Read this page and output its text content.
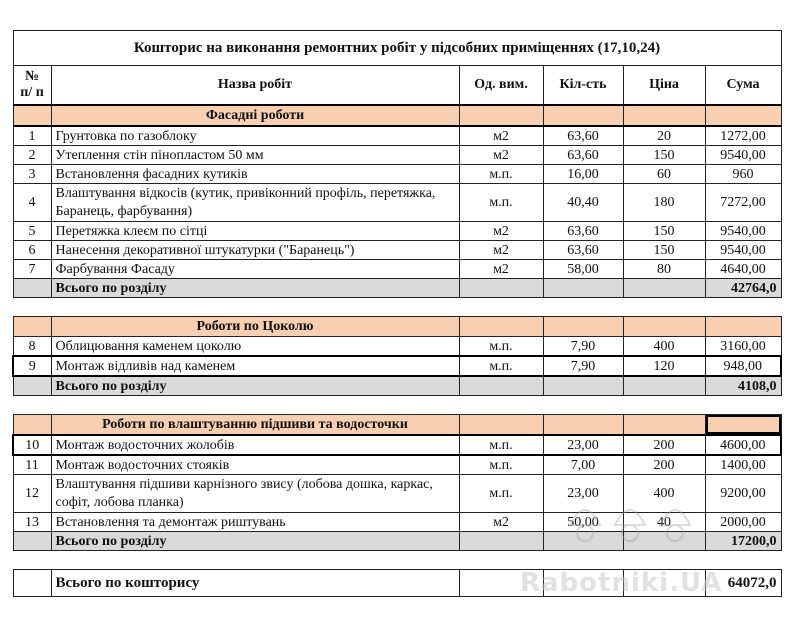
Кошторис на виконання ремонтних робіт у підсобних приміщеннях (17,10,24)					
№ п/ п	Назва робіт	Од. вим.	Кіл-сть	Ціна	Сума
	Фасадні роботи				
1	Грунтовка по газоблоку	м2	63,60	20	1272,00
2	Утеплення стін пінопластом 50 мм	м2	63,60	150	9540,00
3	Встановлення фасадних кутиків	м.п.	16,00	60	960
4	Влаштування відкосів (кутик, привіконний профіль, перетяжка, Баранець, фарбування)	м.п.	40,40	180	7272,00
5	Перетяжка клеєм по сітці	м2	63,60	150	9540,00
6	Нанесення декоративної штукатурки ("Баранець")	м2	63,60	150	9540,00
7	Фарбування Фасаду	м2	58,00	80	4640,00
	Всього по розділу				42764,0

	Роботи по Цоколю				
8	Облицювання каменем цоколю	м.п.	7,90	400	3160,00
9	Монтаж відливів над каменем	м.п.	7,90	120	948,00
	Всього по розділу				4108,0

	Роботи по влаштуванню підшиви та водосточки				
10	Монтаж водосточних жолобів	м.п.	23,00	200	4600,00
11	Монтаж водосточних стояків	м.п.	7,00	200	1400,00
12	Влаштування підшиви карнізного звису (лобова дошка, каркас, софіт, лобова планка)	м.п.	23,00	400	9200,00
13	Встановлення та демонтаж риштувань	м2	50,00	40	2000,00
	Всього по розділу				17200,0

	Всього по кошторису				64072,0
Rabotniki.UA
